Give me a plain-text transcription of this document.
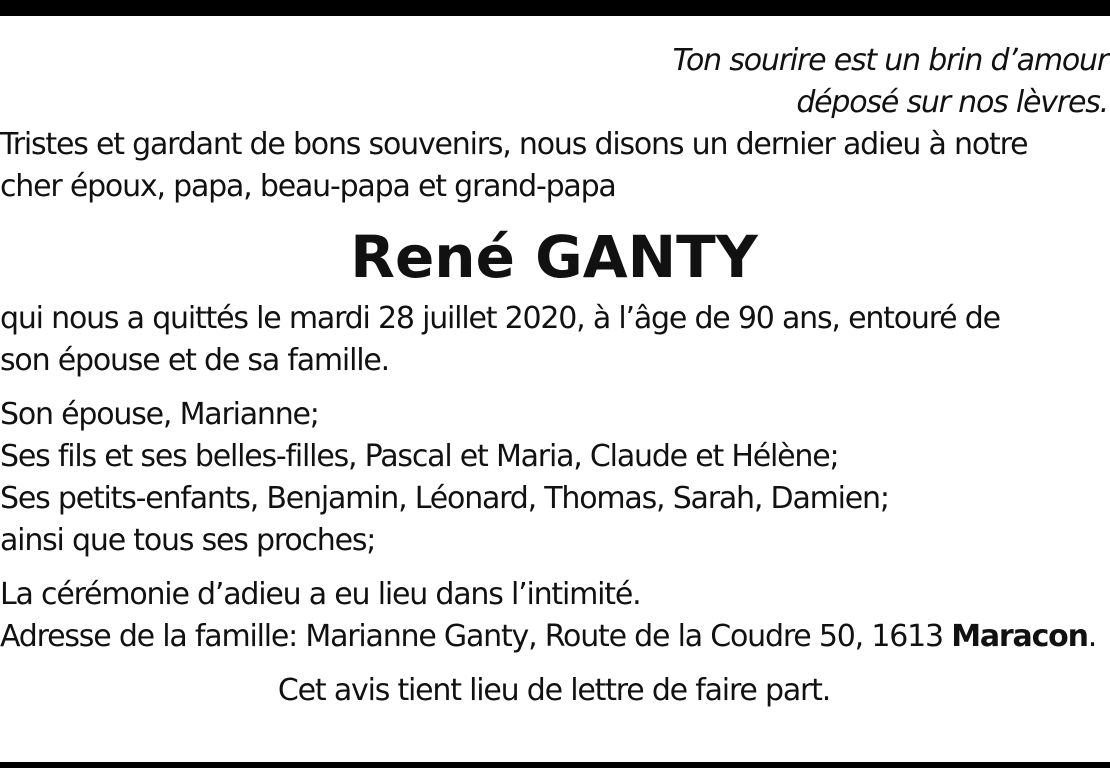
Ton sourire est un brin d’amour
déposé sur nos lèvres.

Tristes et gardant de bons souvenirs, nous disons un dernier adieu à notre
cher époux, papa, beau-papa et grand-papa

René GANTY

qui nous a quittés le mardi 28 juillet 2020, à l’âge de 90 ans, entouré de
son épouse et de sa famille.

Son épouse, Marianne;
Ses fils et ses belles-filles, Pascal et Maria, Claude et Hélène;
Ses petits-enfants, Benjamin, Léonard, Thomas, Sarah, Damien;
ainsi que tous ses proches;

La cérémonie d’adieu a eu lieu dans l’intimité.
Adresse de la famille: Marianne Ganty, Route de la Coudre 50, 1613 Maracon.

Cet avis tient lieu de lettre de faire part.
